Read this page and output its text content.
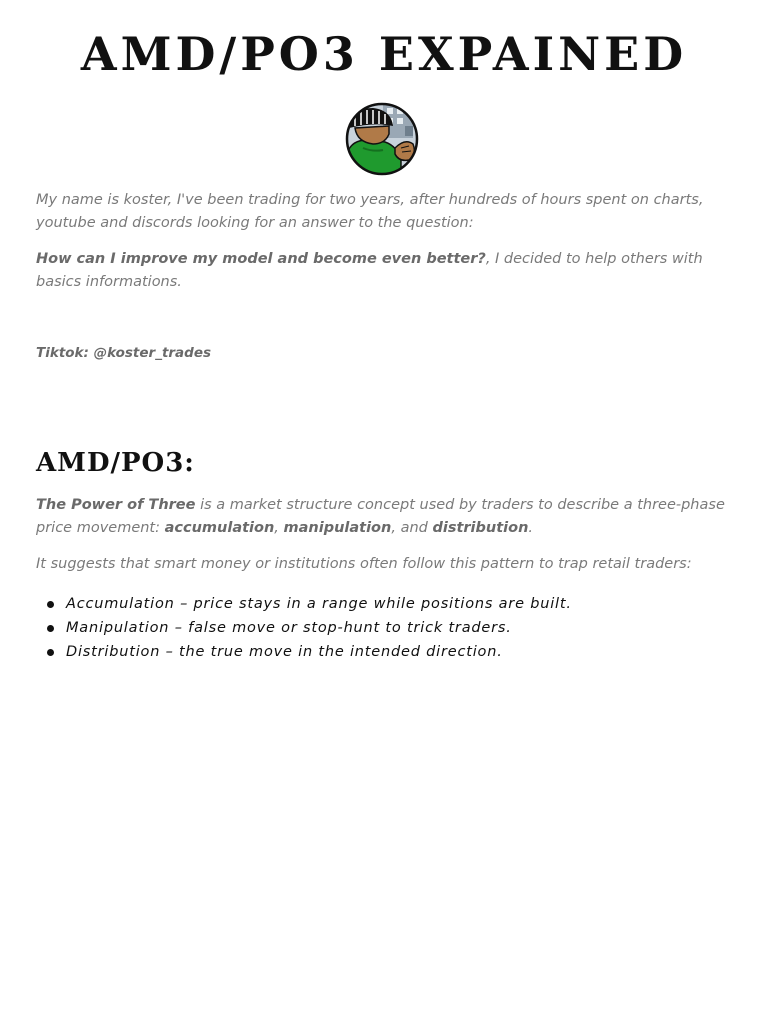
AMD/PO3 EXPAINED

My name is koster, I've been trading for two years, after hundreds of hours spent on charts, youtube and discords looking for an answer to the question:

How can I improve my model and become even better?, I decided to help others with basics informations.

Tiktok: @koster_trades

AMD/PO3:

The Power of Three is a market structure concept used by traders to describe a three-phase price movement: accumulation, manipulation, and distribution.

It suggests that smart money or institutions often follow this pattern to trap retail traders:

Accumulation – price stays in a range while positions are built.
Manipulation – false move or stop-hunt to trick traders.
Distribution – the true move in the intended direction.
